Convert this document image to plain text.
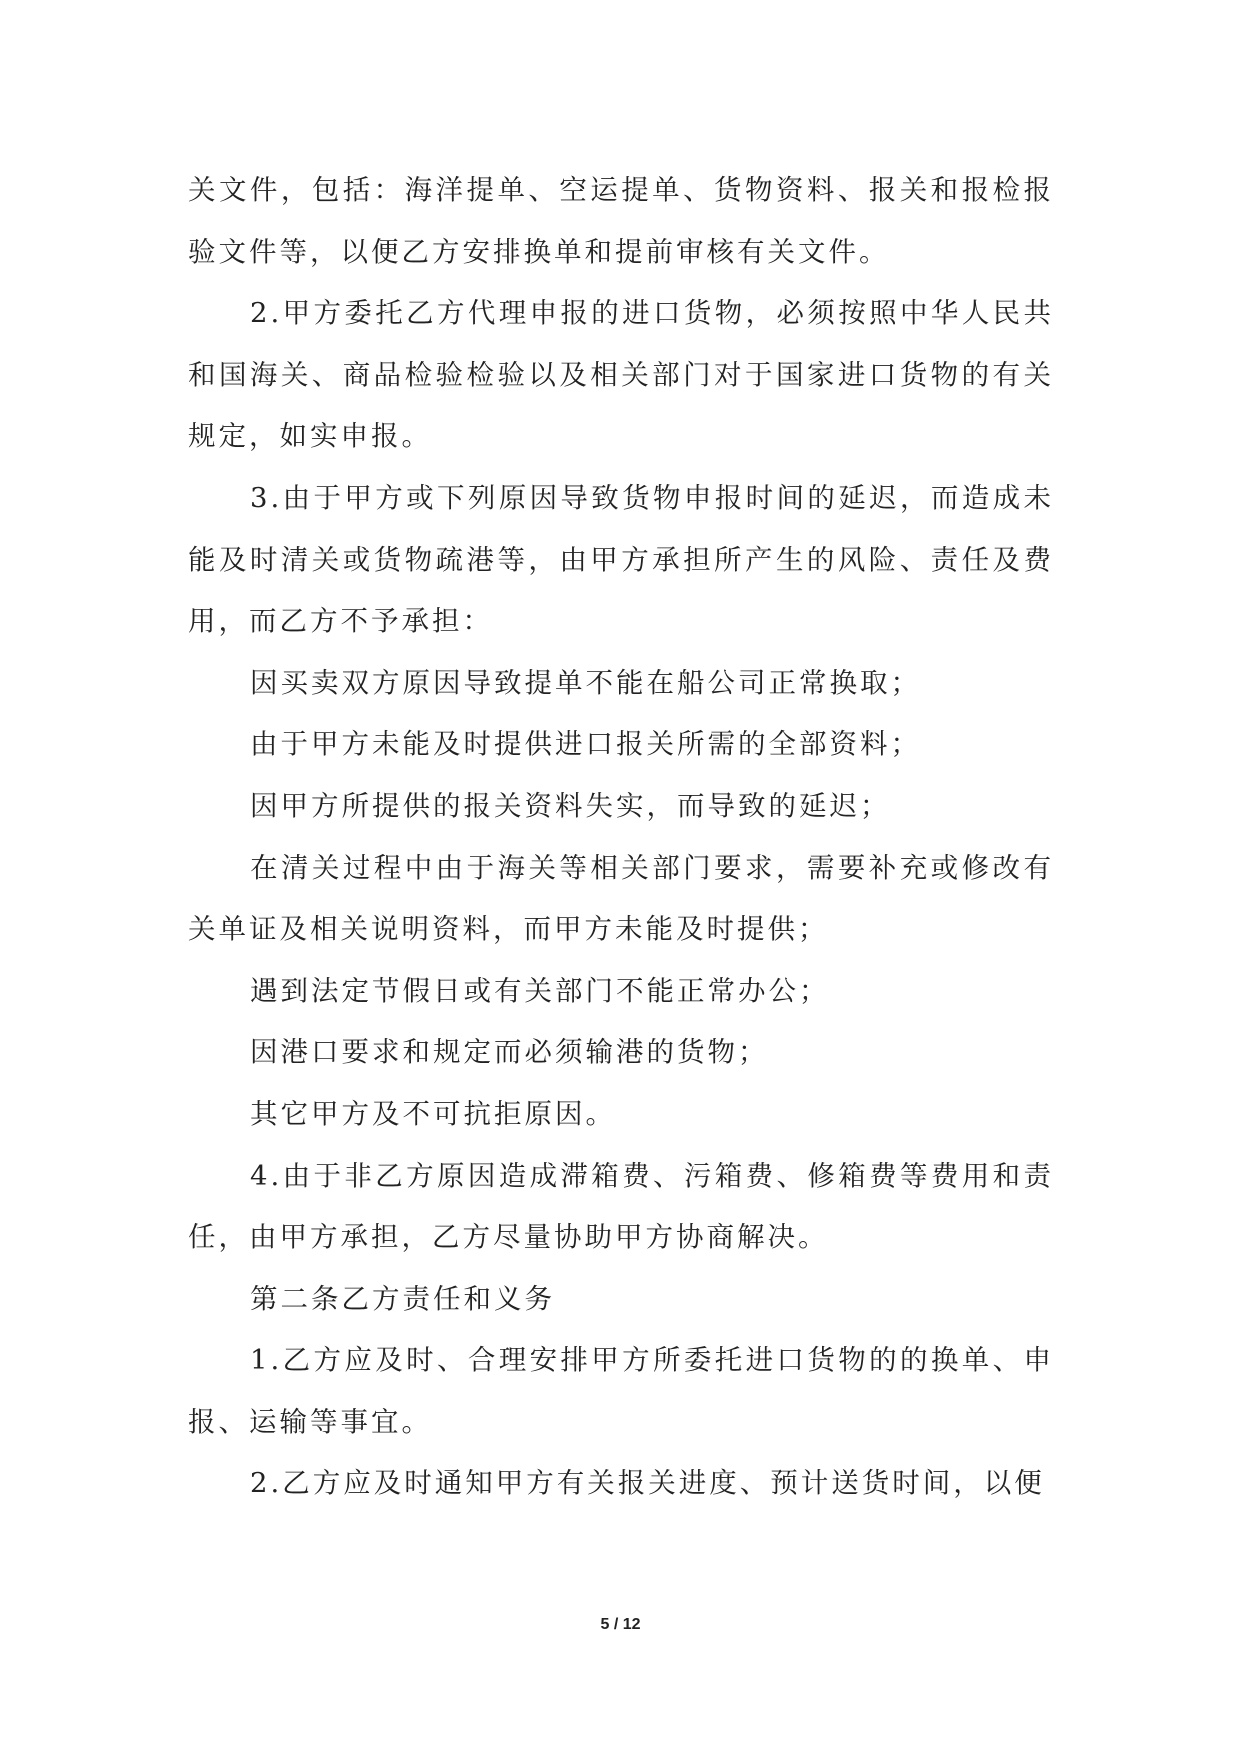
关文件，包括：海洋提单、空运提单、货物资料、报关和报检报验文件等，以便乙方安排换单和提前审核有关文件。

2.甲方委托乙方代理申报的进口货物，必须按照中华人民共和国海关、商品检验检验以及相关部门对于国家进口货物的有关规定，如实申报。

3.由于甲方或下列原因导致货物申报时间的延迟，而造成未能及时清关或货物疏港等，由甲方承担所产生的风险、责任及费用，而乙方不予承担：

因买卖双方原因导致提单不能在船公司正常换取；

由于甲方未能及时提供进口报关所需的全部资料；

因甲方所提供的报关资料失实，而导致的延迟；

在清关过程中由于海关等相关部门要求，需要补充或修改有关单证及相关说明资料，而甲方未能及时提供；

遇到法定节假日或有关部门不能正常办公；

因港口要求和规定而必须输港的货物；

其它甲方及不可抗拒原因。

4.由于非乙方原因造成滞箱费、污箱费、修箱费等费用和责任，由甲方承担，乙方尽量协助甲方协商解决。

第二条乙方责任和义务

1.乙方应及时、合理安排甲方所委托进口货物的的换单、申报、运输等事宜。

2.乙方应及时通知甲方有关报关进度、预计送货时间，以便

5 / 12
